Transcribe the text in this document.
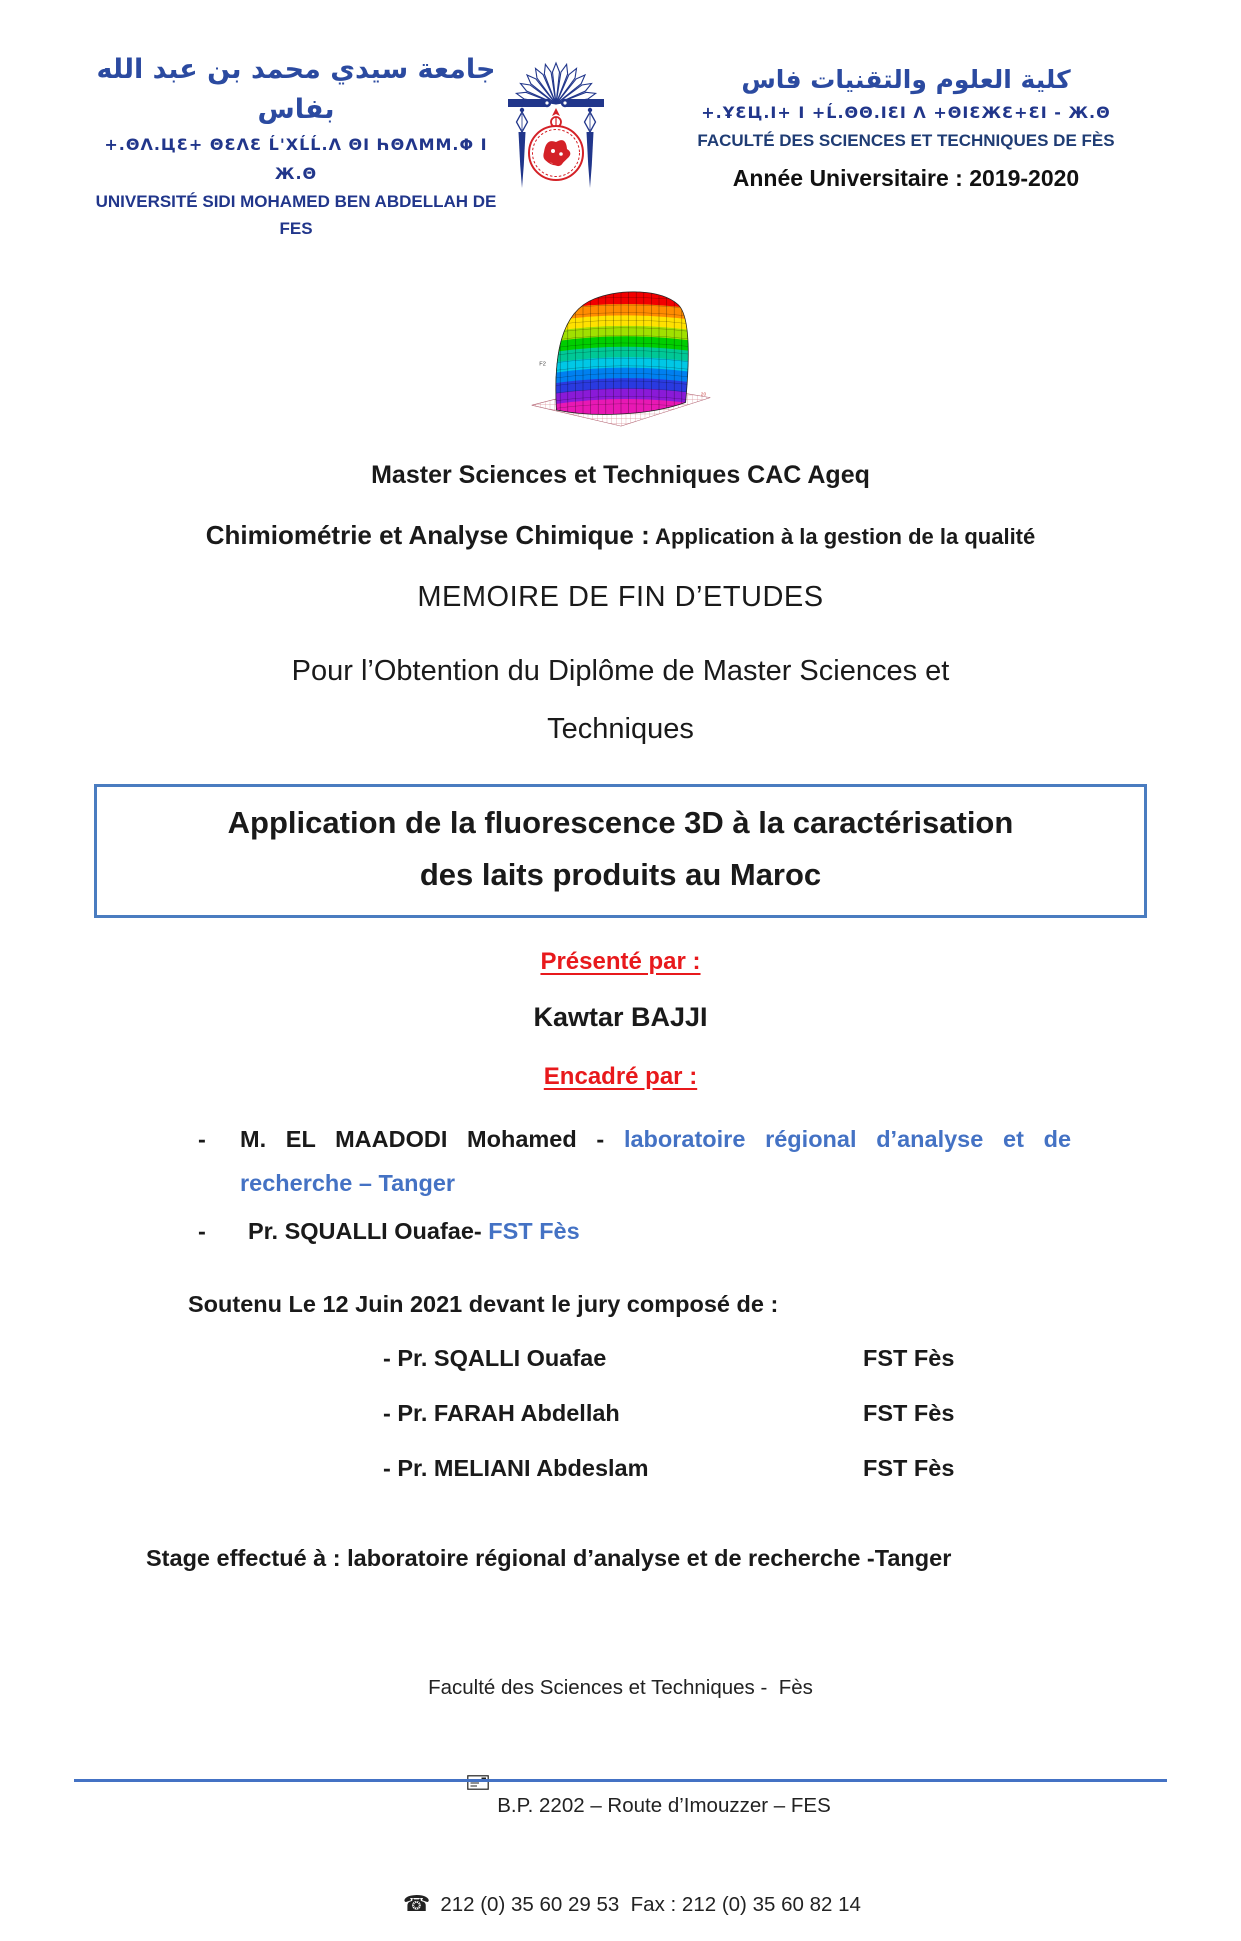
جامعة سيدي محمد بن عبد الله بفاس
+.ΘΛ.ЦƐ+ ΘƐΛƐ Ĺ'ΧĹĹ.Λ ΘΙ ҺΘΛΜΜ.Φ Ι Ж.Θ
UNIVERSITÉ SIDI MOHAMED BEN ABDELLAH DE FES
كلية العلوم والتقنيات فاس
+.ҰƐЦ.Ι+ Ι +Ĺ.ΘΘ.ΙƐΙ Λ +ΘΙƐЖƐ+ƐΙ - Ж.Θ
FACULTÉ DES SCIENCES ET TECHNIQUES DE FÈS
Année Universitaire : 2019-2020
F2
20
Master Sciences et Techniques CAC Ageq
Chimiométrie et Analyse Chimique : Application à la gestion de la qualité
MEMOIRE DE FIN D’ETUDES
Pour l’Obtention du Diplôme de Master Sciences et
Techniques
Application de la fluorescence 3D à la caractérisation
des laits produits au Maroc
Présenté par :
Kawtar BAJJI
Encadré par :
-	M. EL MAADODI Mohamed - laboratoire régional d’analyse et de recherche – Tanger
-	Pr. SQUALLI Ouafae- FST Fès
Soutenu Le 12 Juin 2021 devant le jury composé de :
- Pr. SQALLI Ouafae	FST Fès
- Pr. FARAH Abdellah	FST Fès
- Pr. MELIANI Abdeslam	FST Fès
Stage effectué à : laboratoire régional d’analyse et de recherche -Tanger
Faculté des Sciences et Techniques -  Fès

B.P. 2202 – Route d’Imouzzer – FES

☎ 212 (0) 35 60 29 53  Fax : 212 (0) 35 60 82 14
